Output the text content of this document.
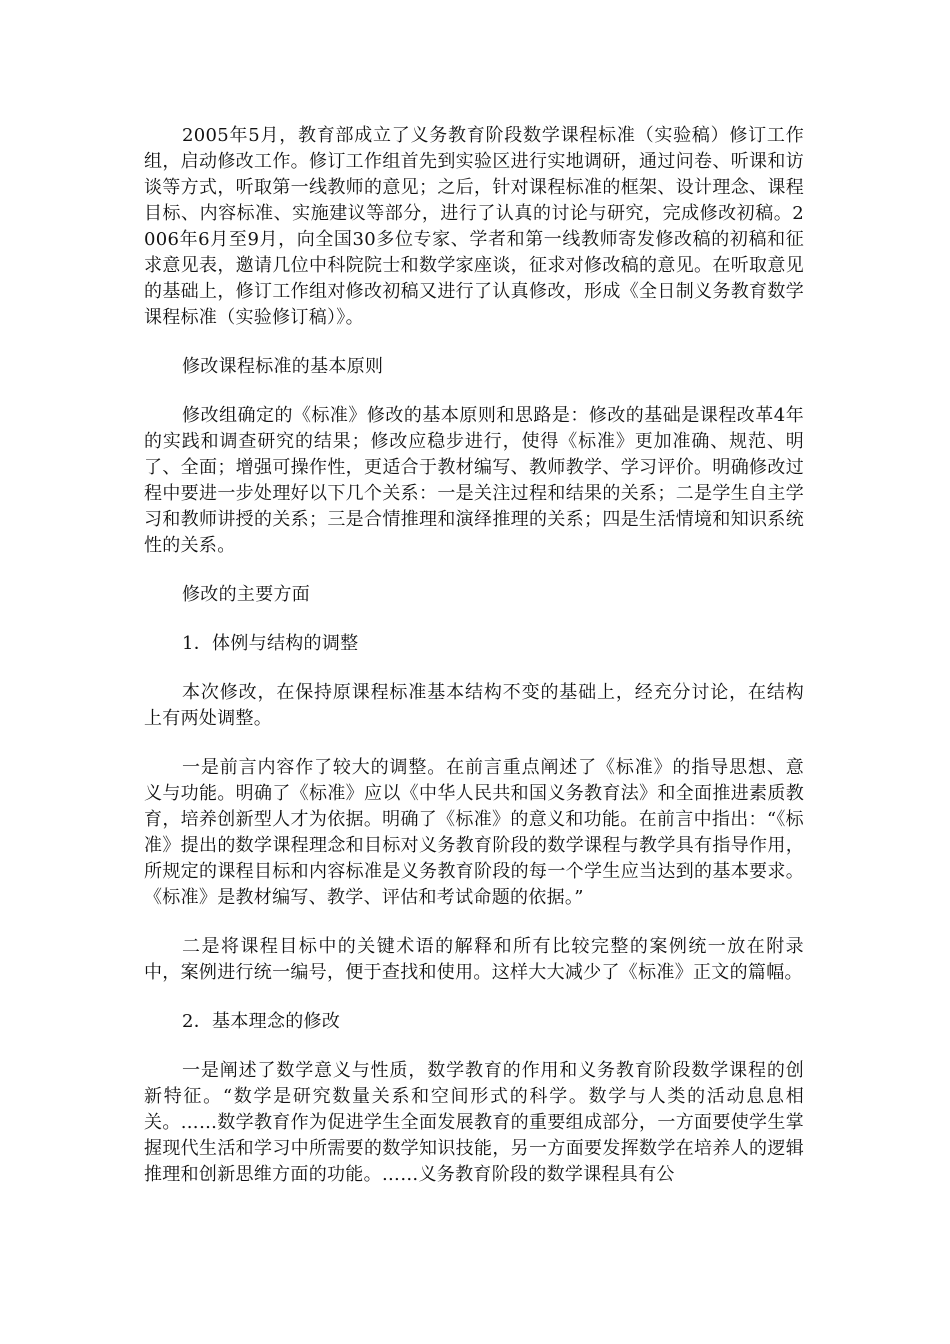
2005年5月，教育部成立了义务教育阶段数学课程标准（实验稿）修订工作组，启动修改工作。修订工作组首先到实验区进行实地调研，通过问卷、听课和访谈等方式，听取第一线教师的意见；之后，针对课程标准的框架、设计理念、课程目标、内容标准、实施建议等部分，进行了认真的讨论与研究，完成修改初稿。2006年6月至9月，向全国30多位专家、学者和第一线教师寄发修改稿的初稿和征求意见表，邀请几位中科院院士和数学家座谈，征求对修改稿的意见。在听取意见的基础上，修订工作组对修改初稿又进行了认真修改，形成《全日制义务教育数学课程标准（实验修订稿）》。

修改课程标准的基本原则

修改组确定的《标准》修改的基本原则和思路是：修改的基础是课程改革4年的实践和调查研究的结果；修改应稳步进行，使得《标准》更加准确、规范、明了、全面；增强可操作性，更适合于教材编写、教师教学、学习评价。明确修改过程中要进一步处理好以下几个关系：一是关注过程和结果的关系；二是学生自主学习和教师讲授的关系；三是合情推理和演绎推理的关系；四是生活情境和知识系统性的关系。

修改的主要方面

1．体例与结构的调整

本次修改，在保持原课程标准基本结构不变的基础上，经充分讨论，在结构上有两处调整。

一是前言内容作了较大的调整。在前言重点阐述了《标准》的指导思想、意义与功能。明确了《标准》应以《中华人民共和国义务教育法》和全面推进素质教育，培养创新型人才为依据。明确了《标准》的意义和功能。在前言中指出：“《标准》提出的数学课程理念和目标对义务教育阶段的数学课程与教学具有指导作用，所规定的课程目标和内容标准是义务教育阶段的每一个学生应当达到的基本要求。《标准》是教材编写、教学、评估和考试命题的依据。”

二是将课程目标中的关键术语的解释和所有比较完整的案例统一放在附录中，案例进行统一编号，便于查找和使用。这样大大减少了《标准》正文的篇幅。

2．基本理念的修改

一是阐述了数学意义与性质，数学教育的作用和义务教育阶段数学课程的创新特征。“数学是研究数量关系和空间形式的科学。数学与人类的活动息息相关。……数学教育作为促进学生全面发展教育的重要组成部分，一方面要使学生掌握现代生活和学习中所需要的数学知识技能，另一方面要发挥数学在培养人的逻辑推理和创新思维方面的功能。……义务教育阶段的数学课程具有公
